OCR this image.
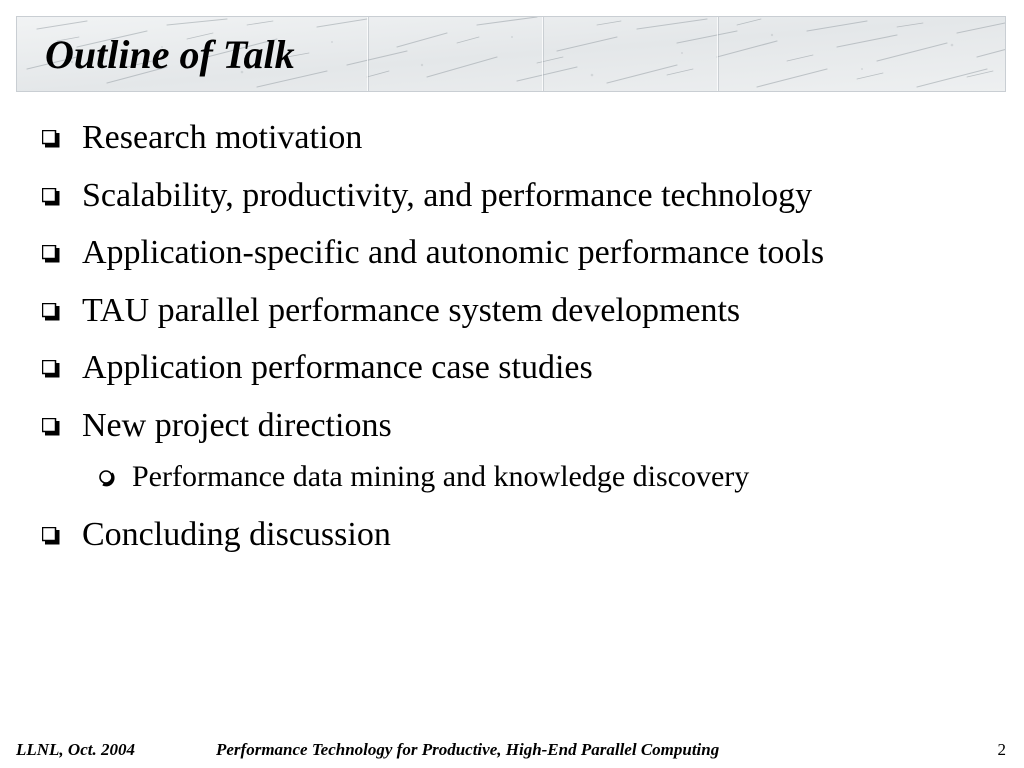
Outline of Talk
Research motivation
Scalability, productivity, and performance technology
Application-specific and autonomic performance tools
TAU parallel performance system developments
Application performance case studies
New project directions
Performance data mining and knowledge discovery
Concluding discussion
LLNL, Oct. 2004	Performance Technology for Productive, High-End Parallel Computing	2
